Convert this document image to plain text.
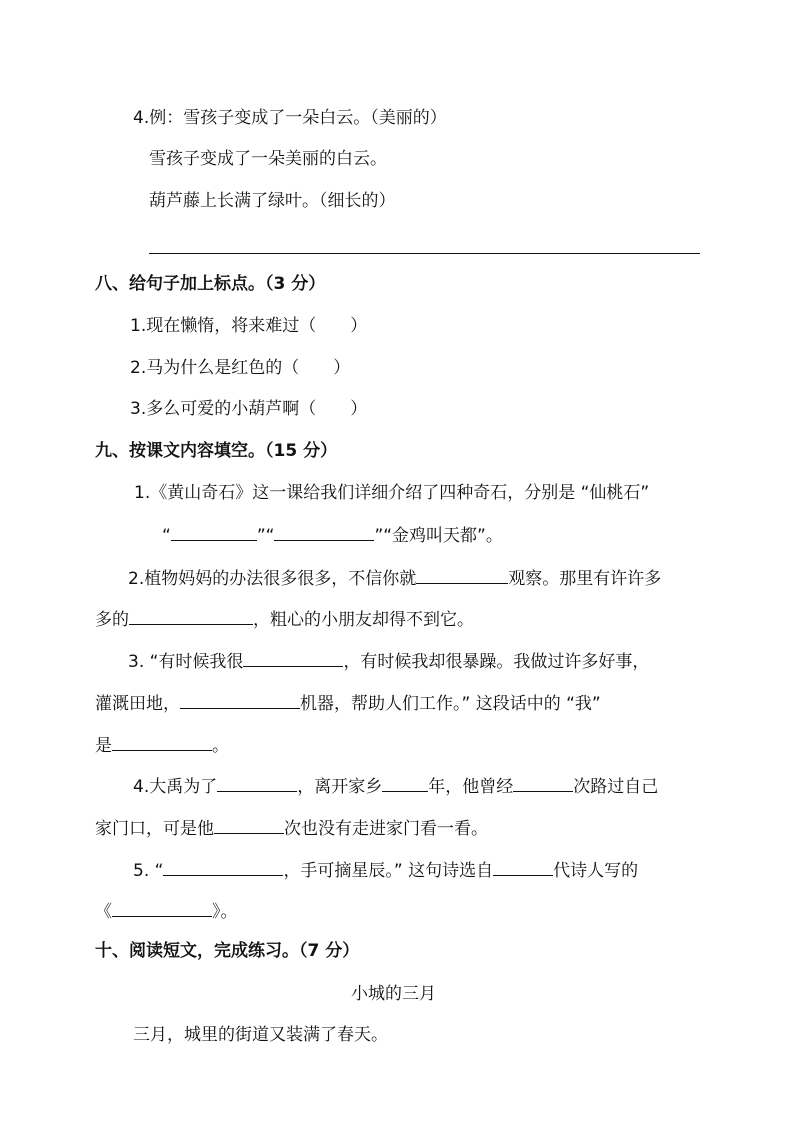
4.例：雪孩子变成了一朵白云。（美丽的）
雪孩子变成了一朵美丽的白云。
葫芦藤上长满了绿叶。（细长的）
八、给句子加上标点。（3 分）
1.现在懒惰，将来难过（ ）
2.马为什么是红色的（ ）
3.多么可爱的小葫芦啊（ ）
九、按课文内容填空。（15 分）
1.《黄山奇石》这一课给我们详细介绍了四种奇石，分别是 “仙桃石”
“	”“	”“金鸡叫天都”。
2.植物妈妈的办法很多很多，不信你就	观察。那里有许许多
多的	，粗心的小朋友却得不到它。
3. “有时候我很	，有时候我却很暴躁。我做过许多好事，
灌溉田地，	机器，帮助人们工作。” 这段话中的 “我”
是	。
4.大禹为了	，离开家乡	年，他曾经	次路过自己
家门口，可是他	次也没有走进家门看一看。
5. “	，手可摘星辰。” 这句诗选自	代诗人写的
《	》。
十、阅读短文，完成练习。（7 分）
小城的三月
三月，城里的街道又装满了春天。
